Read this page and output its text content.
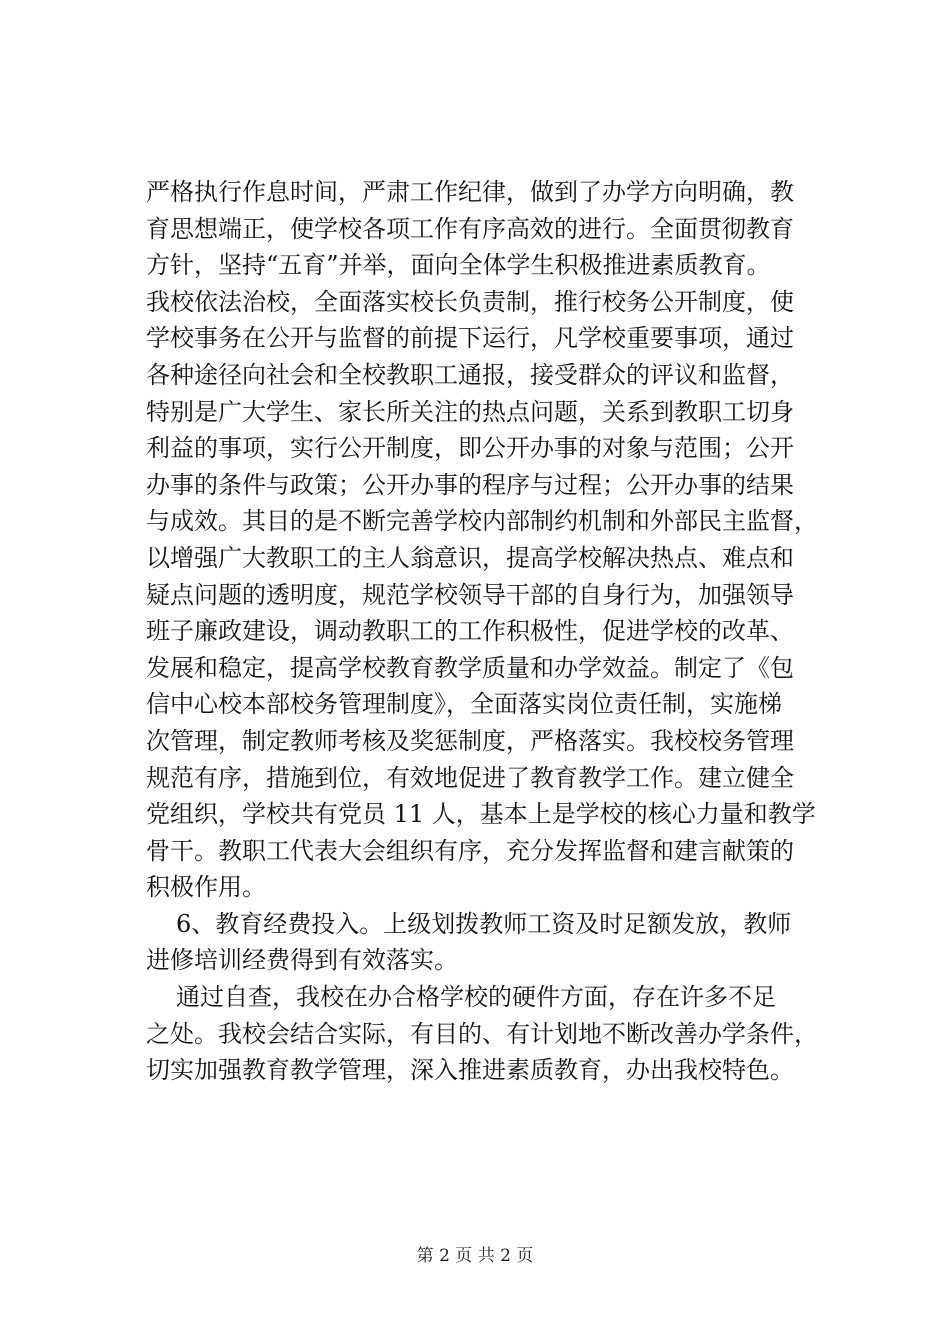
严格执行作息时间，严肃工作纪律，做到了办学方向明确，教
育思想端正，使学校各项工作有序高效的进行。全面贯彻教育
方针，坚持“五育”并举，面向全体学生积极推进素质教育。
我校依法治校，全面落实校长负责制，推行校务公开制度，使
学校事务在公开与监督的前提下运行，凡学校重要事项，通过
各种途径向社会和全校教职工通报，接受群众的评议和监督，
特别是广大学生、家长所关注的热点问题，关系到教职工切身
利益的事项，实行公开制度，即公开办事的对象与范围；公开
办事的条件与政策；公开办事的程序与过程；公开办事的结果
与成效。其目的是不断完善学校内部制约机制和外部民主监督，
以增强广大教职工的主人翁意识，提高学校解决热点、难点和
疑点问题的透明度，规范学校领导干部的自身行为，加强领导
班子廉政建设，调动教职工的工作积极性，促进学校的改革、
发展和稳定，提高学校教育教学质量和办学效益。制定了《包
信中心校本部校务管理制度》，全面落实岗位责任制，实施梯
次管理，制定教师考核及奖惩制度，严格落实。我校校务管理
规范有序，措施到位，有效地促进了教育教学工作。建立健全
党组织，学校共有党员 11 人，基本上是学校的核心力量和教学
骨干。教职工代表大会组织有序，充分发挥监督和建言献策的
积极作用。
6、教育经费投入。上级划拨教师工资及时足额发放，教师
进修培训经费得到有效落实。
通过自查，我校在办合格学校的硬件方面，存在许多不足
之处。我校会结合实际，有目的、有计划地不断改善办学条件，
切实加强教育教学管理，深入推进素质教育，办出我校特色。
第 2 页 共 2 页
